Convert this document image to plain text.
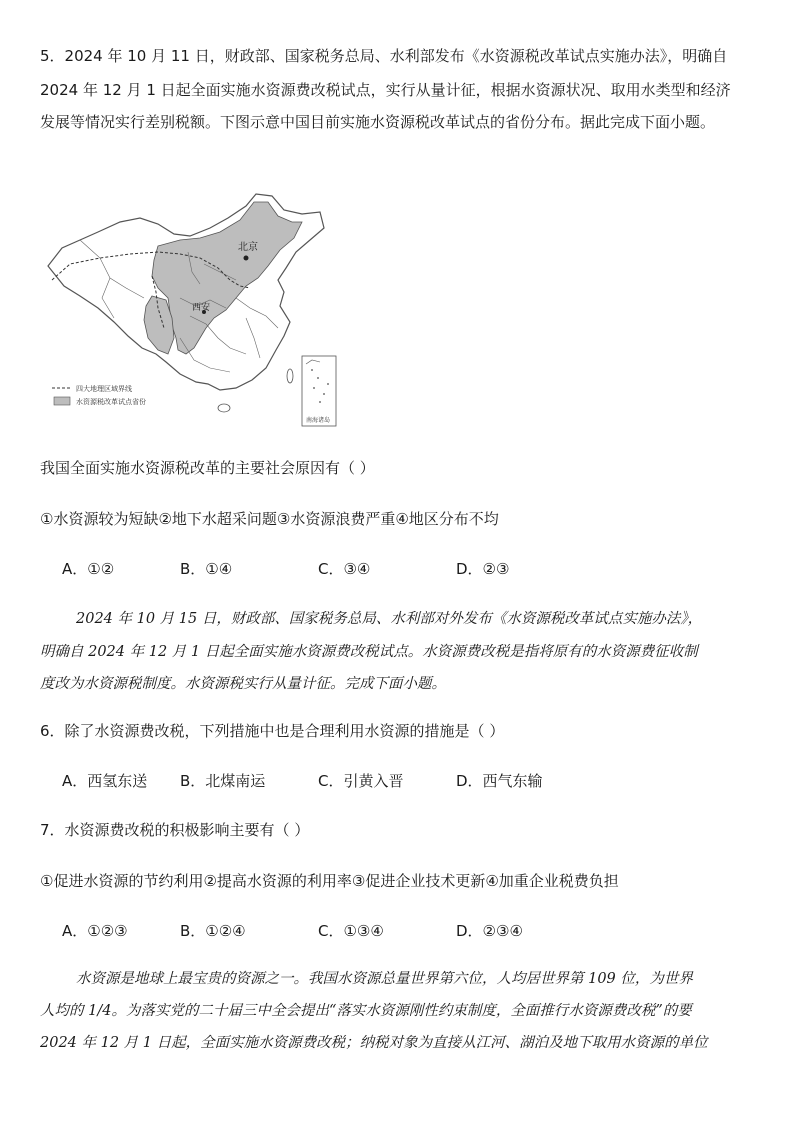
5．2024 年 10 月 11 日，财政部、国家税务总局、水利部发布《水资源税改革试点实施办法》，明确自
2024 年 12 月 1 日起全面实施水资源费改税试点，实行从量计征，根据水资源状况、取用水类型和经济
发展等情况实行差别税额。下图示意中国目前实施水资源税改革试点的省份分布。据此完成下面小题。
北京
西安
四大地理区域界线
水资源税改革试点省份
南海诸岛
我国全面实施水资源税改革的主要社会原因有（ ）
①水资源较为短缺②地下水超采问题③水资源浪费严重④地区分布不均
A．①②	B．①④	C．③④	D．②③
2024 年 10 月 15 日，财政部、国家税务总局、水利部对外发布《水资源税改革试点实施办法》，
明确自 2024 年 12 月 1 日起全面实施水资源费改税试点。水资源费改税是指将原有的水资源费征收制
度改为水资源税制度。水资源税实行从量计征。完成下面小题。
6．除了水资源费改税，下列措施中也是合理利用水资源的措施是（ ）
A．西氢东送 B．北煤南运	C．引黄入晋	D．西气东输
7．水资源费改税的积极影响主要有（ ）
①促进水资源的节约利用②提高水资源的利用率③促进企业技术更新④加重企业税费负担
A．①②③	B．①②④	C．①③④	D．②③④
水资源是地球上最宝贵的资源之一。我国水资源总量世界第六位，人均居世界第 109 位，为世界
人均的 1/4。为落实党的二十届三中全会提出“落实水资源刚性约束制度，全面推行水资源费改税”的要
2024 年 12 月 1 日起，全面实施水资源费改税；纳税对象为直接从江河、湖泊及地下取用水资源的单位
